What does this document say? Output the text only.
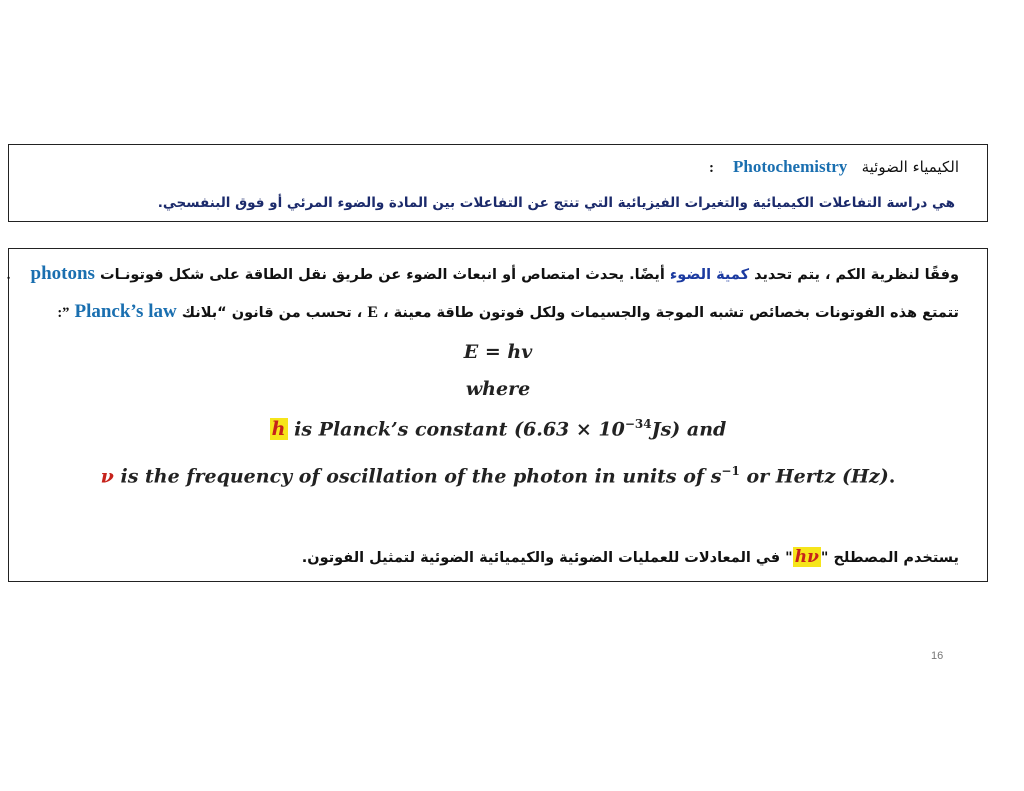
الكيمياء الضوئية   Photochemistry    :
هي دراسة التفاعلات الكيميائية والتغيرات الفيزيائية التي تنتج عن التفاعلات بين المادة والضوء المرئي أو فوق البنفسجي.
وفقًا لنظرية الكم ، يتم تحديد كمية الضوء أيضًا. يحدث امتصاص أو انبعاث الضوء عن طريق نقل الطاقة على شكل فوتونـات photons    .
تتمتع هذه الفوتونات بخصائص تشبه الموجة والجسيمات ولكل فوتون طاقة معينة ، E ، تحسب من قانون “بلانك Planck’s law ”:
E = hv
where
h is Planck’s constant $(6.63 \times 10^{-34}Js)$ and
ν is the frequency of oscillation of the photon in units of $s^{-1}$ or Hertz (Hz).
يستخدم المصطلح "hν" في المعادلات للعمليات الضوئية والكيميائية الضوئية لتمثيل الفوتون.
16
